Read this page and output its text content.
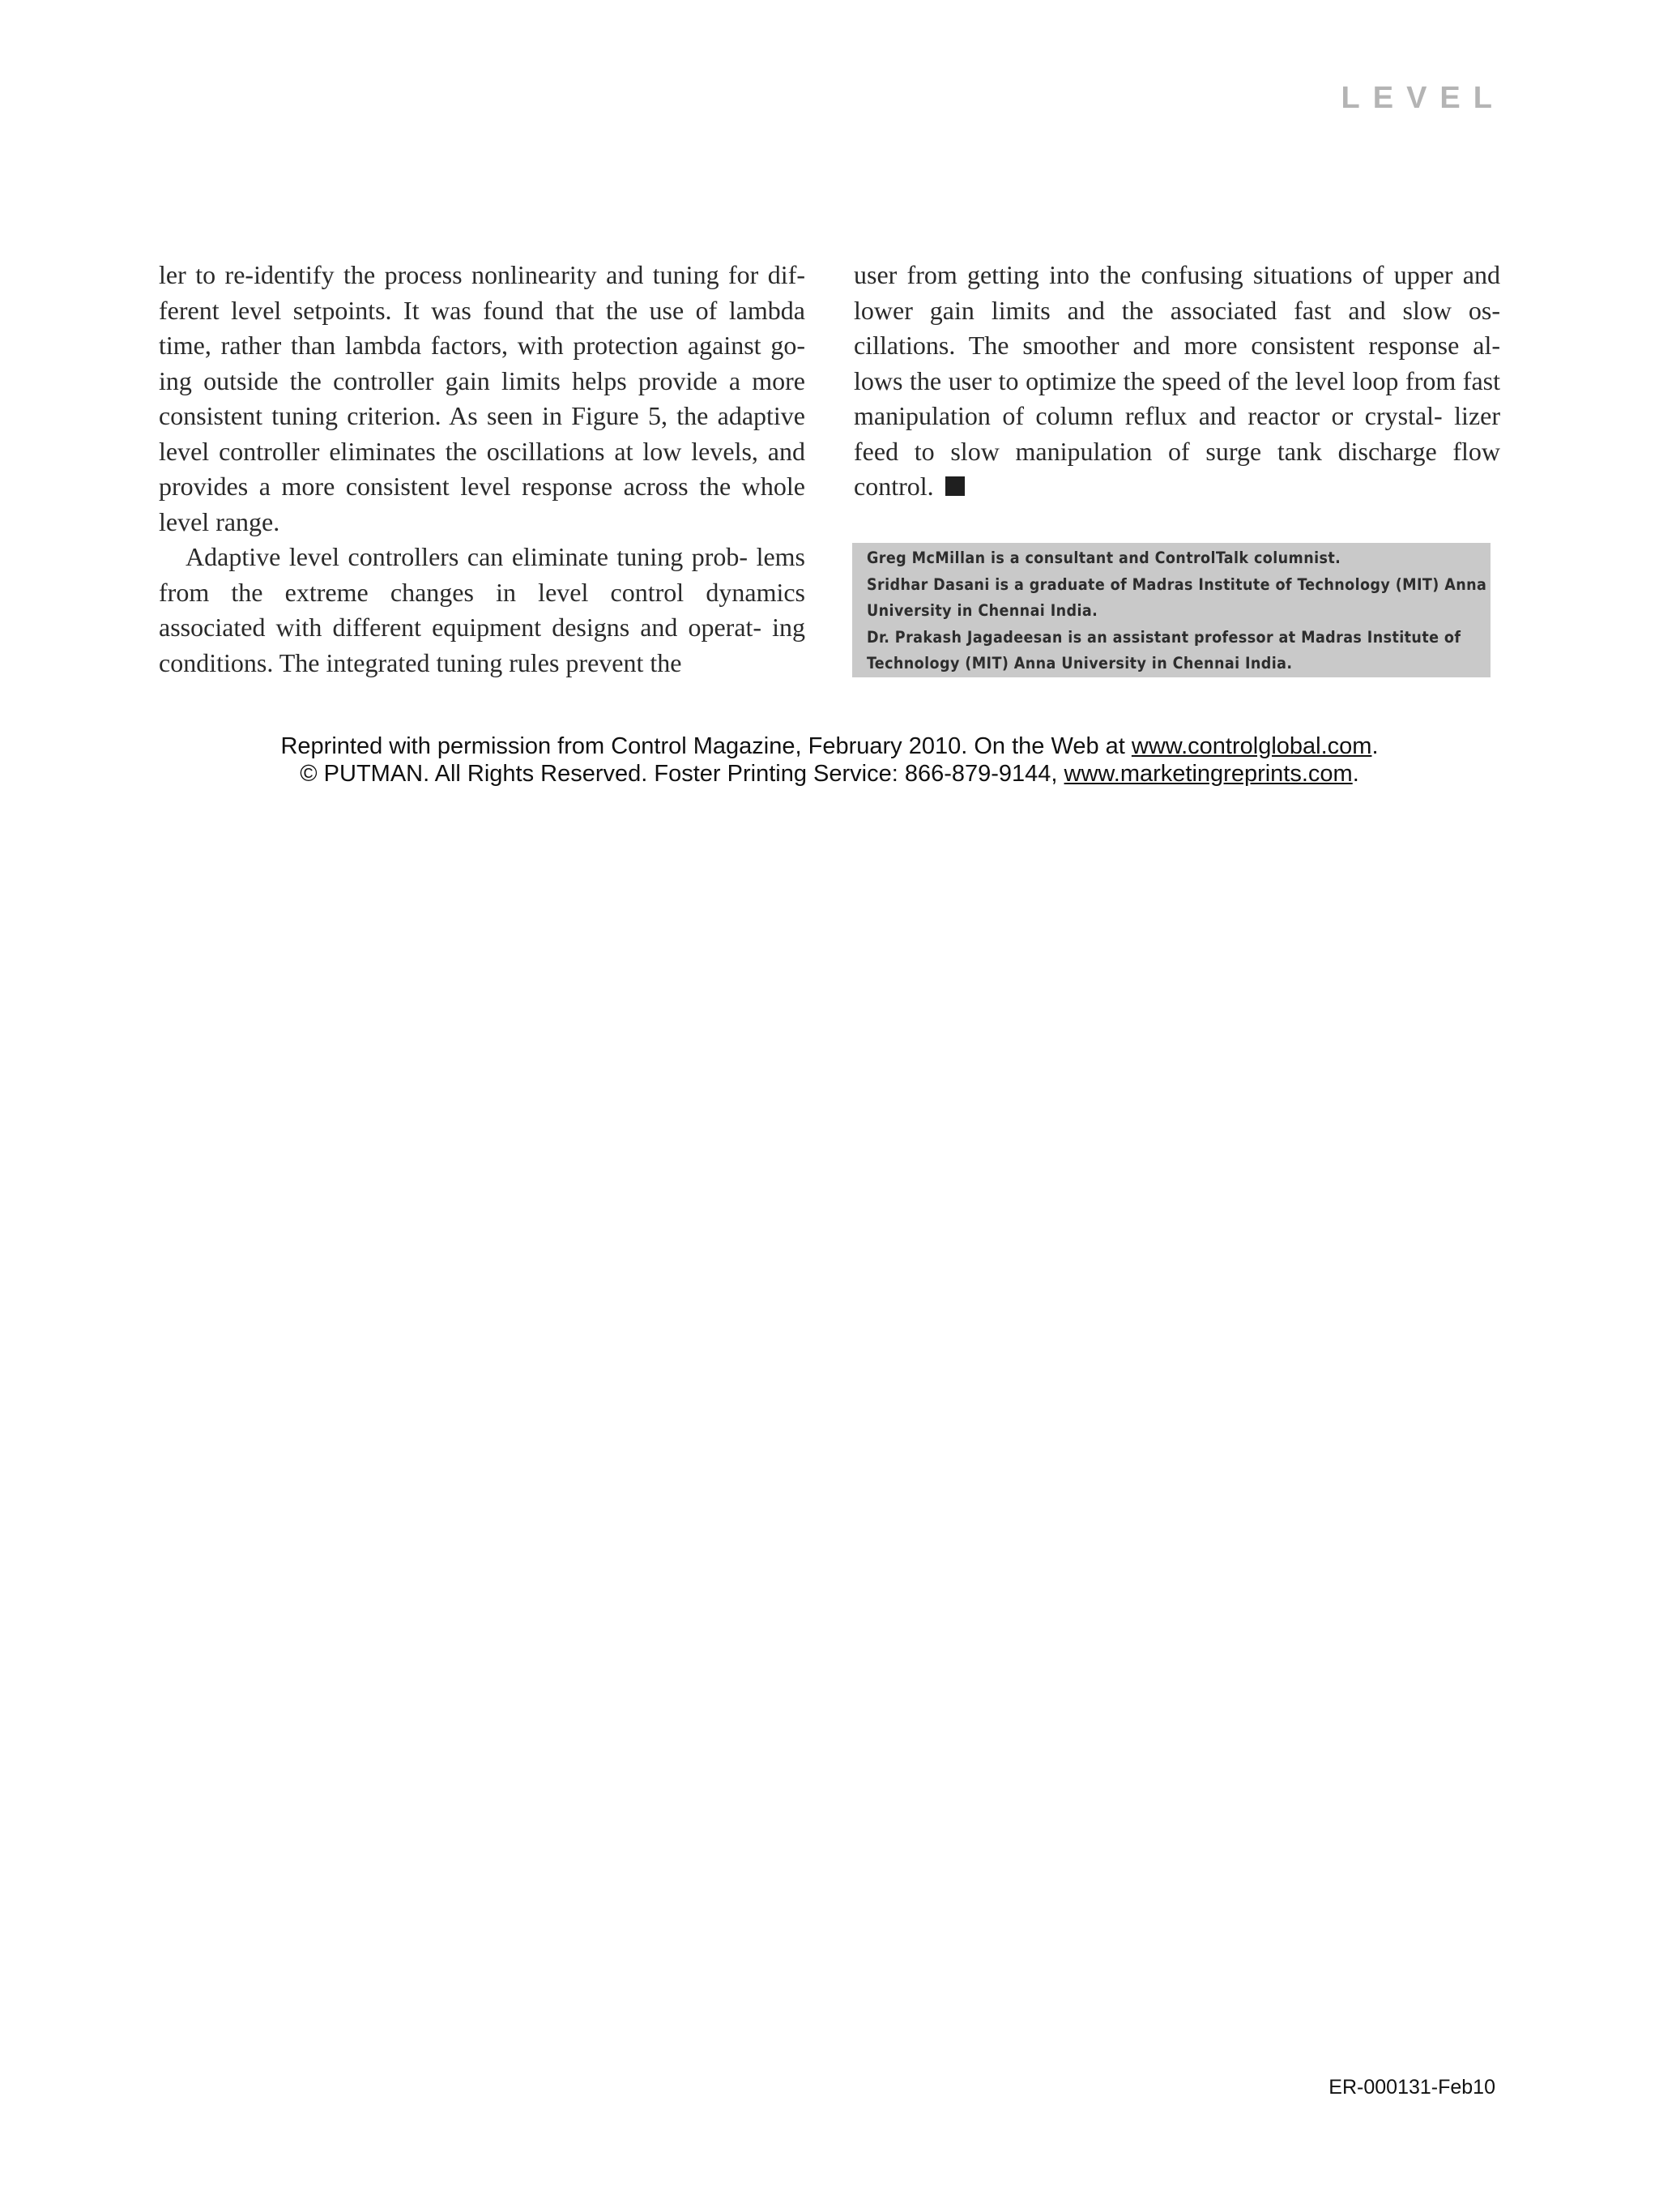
LEVEL

ler to re-identify the process nonlinearity and tuning for dif- ferent level setpoints. It was found that the use of lambda time, rather than lambda factors, with protection against go- ing outside the controller gain limits helps provide a more consistent tuning criterion. As seen in Figure 5, the adaptive level controller eliminates the oscillations at low levels, and provides a more consistent level response across the whole level range.

Adaptive level controllers can eliminate tuning prob- lems from the extreme changes in level control dynamics associated with different equipment designs and operat- ing conditions. The integrated tuning rules prevent the

user from getting into the confusing situations of upper and lower gain limits and the associated fast and slow os- cillations. The smoother and more consistent response al- lows the user to optimize the speed of the level loop from fast manipulation of column reflux and reactor or crystal- lizer feed to slow manipulation of surge tank discharge flow control.

Greg McMillan is a consultant and ControlTalk columnist.
Sridhar Dasani is a graduate of Madras Institute of Technology (MIT) Anna
University in Chennai India.
Dr. Prakash Jagadeesan is an assistant professor at Madras Institute of
Technology (MIT) Anna University in Chennai India.
Reprinted with permission from Control Magazine, February 2010. On the Web at www.controlglobal.com.
© PUTMAN. All Rights Reserved. Foster Printing Service: 866-879-9144, www.marketingreprints.com.
ER-000131-Feb10
